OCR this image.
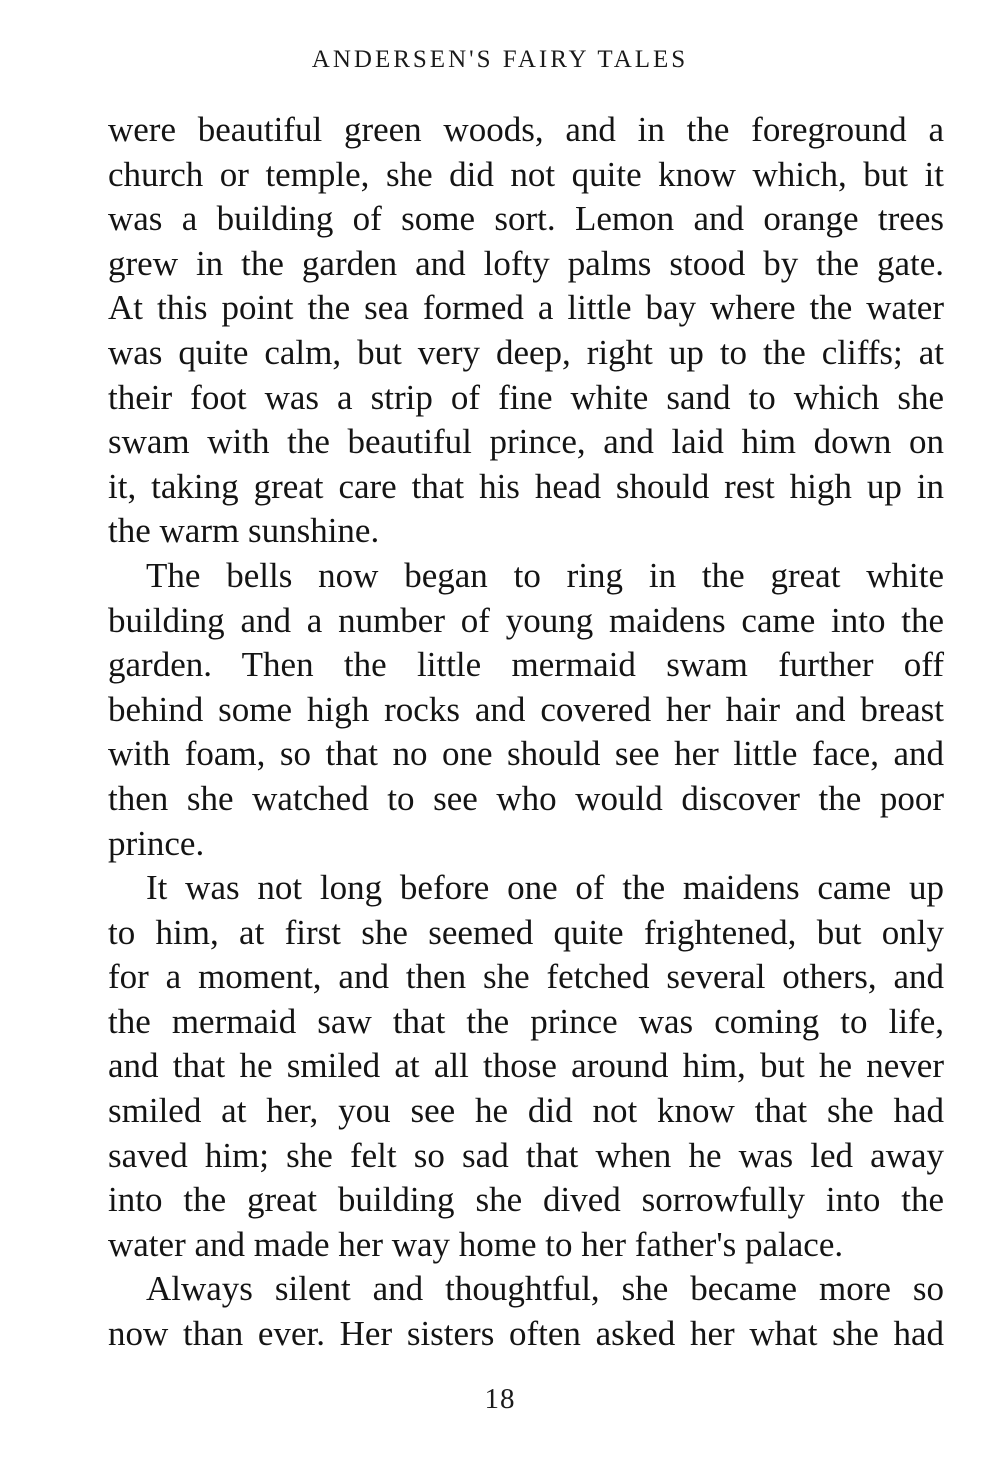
ANDERSEN'S FAIRY TALES
were beautiful green woods, and in the foreground a
church or temple, she did not quite know which, but it
was a building of some sort. Lemon and orange trees
grew in the garden and lofty palms stood by the gate.
At this point the sea formed a little bay where the water
was quite calm, but very deep, right up to the cliffs; at
their foot was a strip of fine white sand to which she
swam with the beautiful prince, and laid him down on
it, taking great care that his head should rest high up in
the warm sunshine.
The bells now began to ring in the great white
building and a number of young maidens came into the
garden. Then the little mermaid swam further off
behind some high rocks and covered her hair and breast
with foam, so that no one should see her little face, and
then she watched to see who would discover the poor
prince.
It was not long before one of the maidens came up
to him, at first she seemed quite frightened, but only
for a moment, and then she fetched several others, and
the mermaid saw that the prince was coming to life,
and that he smiled at all those around him, but he never
smiled at her, you see he did not know that she had
saved him; she felt so sad that when he was led away
into the great building she dived sorrowfully into the
water and made her way home to her father's palace.
Always silent and thoughtful, she became more so
now than ever. Her sisters often asked her what she had
18
